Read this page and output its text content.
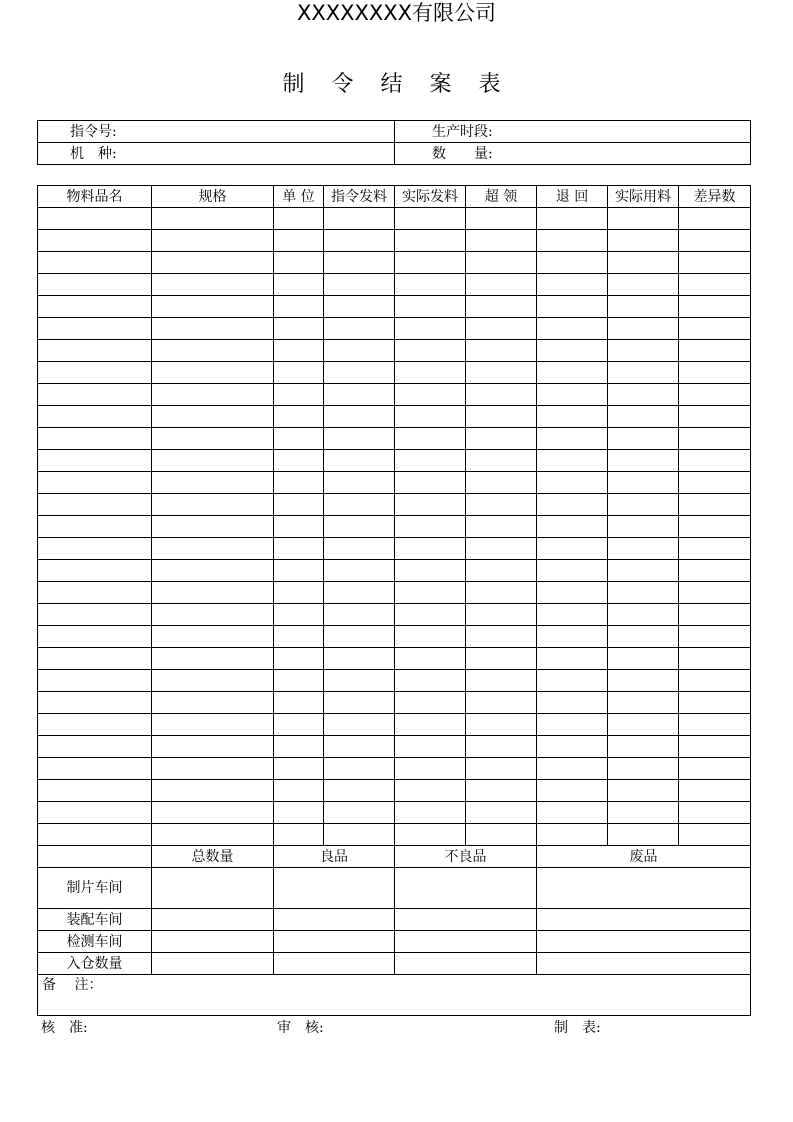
XXXXXXXX有限公司
制 令 结 案 表
指令号:	生产时段:
机　种:	数　　量:
物料品名	规格	单 位	指令发料	实际发料	超 领	退 回	实际用料	差异数

	总数量	良品	不良品	废品
制片车间				
装配车间				
检测车间				
入仓数量				
备　 注：				
核　准:	审　核:	制　表:
